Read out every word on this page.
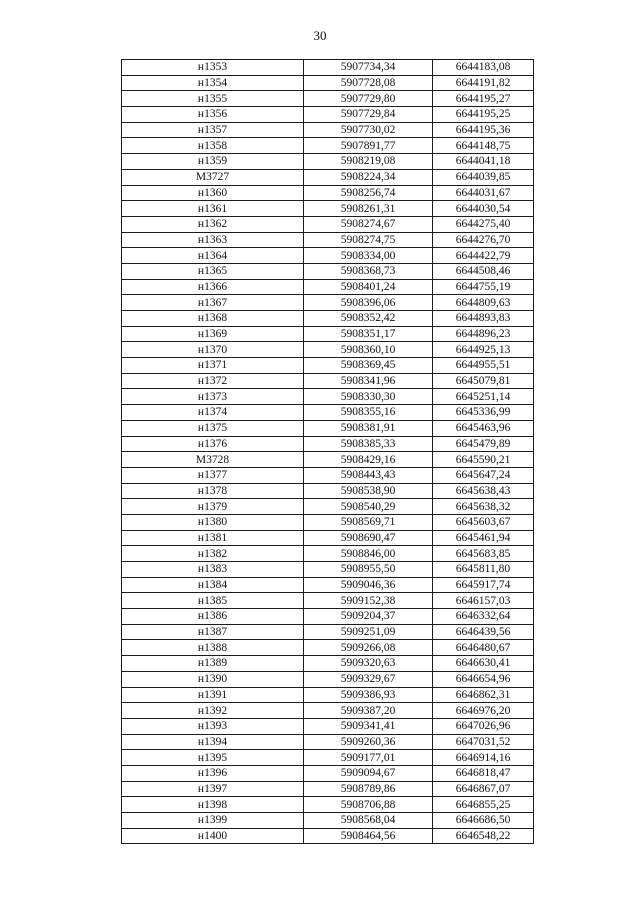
30
н1353	5907734,34	6644183,08
н1354	5907728,08	6644191,82
н1355	5907729,80	6644195,27
н1356	5907729,84	6644195,25
н1357	5907730,02	6644195,36
н1358	5907891,77	6644148,75
н1359	5908219,08	6644041,18
М3727	5908224,34	6644039,85
н1360	5908256,74	6644031,67
н1361	5908261,31	6644030,54
н1362	5908274,67	6644275,40
н1363	5908274,75	6644276,70
н1364	5908334,00	6644422,79
н1365	5908368,73	6644508,46
н1366	5908401,24	6644755,19
н1367	5908396,06	6644809,63
н1368	5908352,42	6644893,83
н1369	5908351,17	6644896,23
н1370	5908360,10	6644925,13
н1371	5908369,45	6644955,51
н1372	5908341,96	6645079,81
н1373	5908330,30	6645251,14
н1374	5908355,16	6645336,99
н1375	5908381,91	6645463,96
н1376	5908385,33	6645479,89
М3728	5908429,16	6645590,21
н1377	5908443,43	6645647,24
н1378	5908538,90	6645638,43
н1379	5908540,29	6645638,32
н1380	5908569,71	6645603,67
н1381	5908690,47	6645461,94
н1382	5908846,00	6645683,85
н1383	5908955,50	6645811,80
н1384	5909046,36	6645917,74
н1385	5909152,38	6646157,03
н1386	5909204,37	6646332,64
н1387	5909251,09	6646439,56
н1388	5909266,08	6646480,67
н1389	5909320,63	6646630,41
н1390	5909329,67	6646654,96
н1391	5909386,93	6646862,31
н1392	5909387,20	6646976,20
н1393	5909341,41	6647026,96
н1394	5909260,36	6647031,52
н1395	5909177,01	6646914,16
н1396	5909094,67	6646818,47
н1397	5908789,86	6646867,07
н1398	5908706,88	6646855,25
н1399	5908568,04	6646686,50
н1400	5908464,56	6646548,22
